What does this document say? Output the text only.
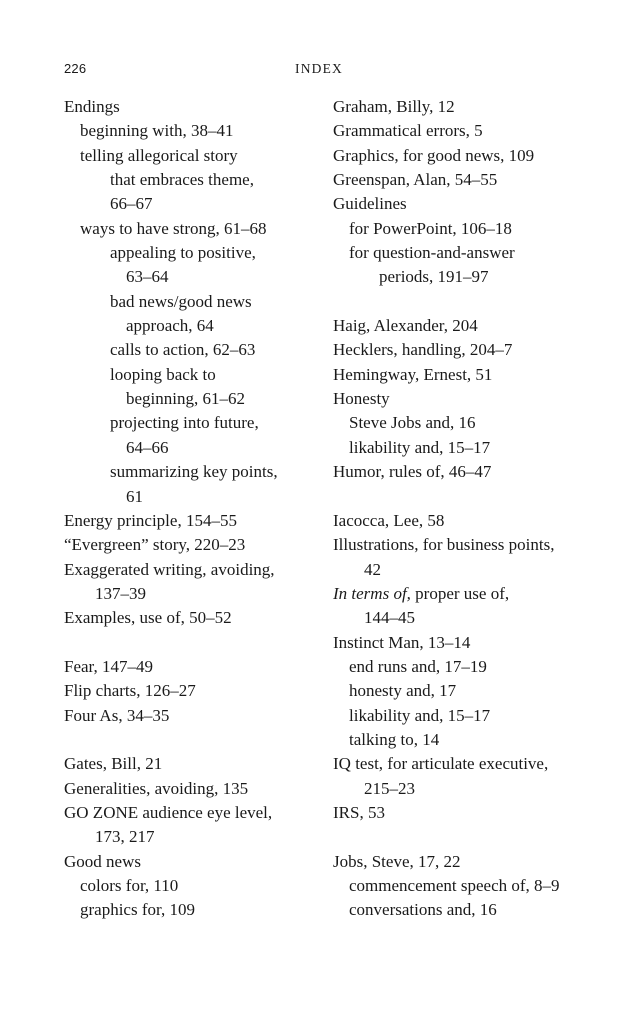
226	INDEX
Endings
beginning with, 38–41
telling allegorical story
that embraces theme,
66–67
ways to have strong, 61–68
appealing to positive,
63–64
bad news/good news
approach, 64
calls to action, 62–63
looping back to
beginning, 61–62
projecting into future,
64–66
summarizing key points,
61
Energy principle, 154–55
“Evergreen” story, 220–23
Exaggerated writing, avoiding,
137–39
Examples, use of, 50–52
Fear, 147–49
Flip charts, 126–27
Four As, 34–35
Gates, Bill, 21
Generalities, avoiding, 135
GO ZONE audience eye level,
173, 217
Good news
colors for, 110
graphics for, 109
Graham, Billy, 12
Grammatical errors, 5
Graphics, for good news, 109
Greenspan, Alan, 54–55
Guidelines
for PowerPoint, 106–18
for question-and-answer
periods, 191–97
Haig, Alexander, 204
Hecklers, handling, 204–7
Hemingway, Ernest, 51
Honesty
Steve Jobs and, 16
likability and, 15–17
Humor, rules of, 46–47
Iacocca, Lee, 58
Illustrations, for business points,
42
In terms of, proper use of,
144–45
Instinct Man, 13–14
end runs and, 17–19
honesty and, 17
likability and, 15–17
talking to, 14
IQ test, for articulate executive,
215–23
IRS, 53
Jobs, Steve, 17, 22
commencement speech of, 8–9
conversations and, 16
